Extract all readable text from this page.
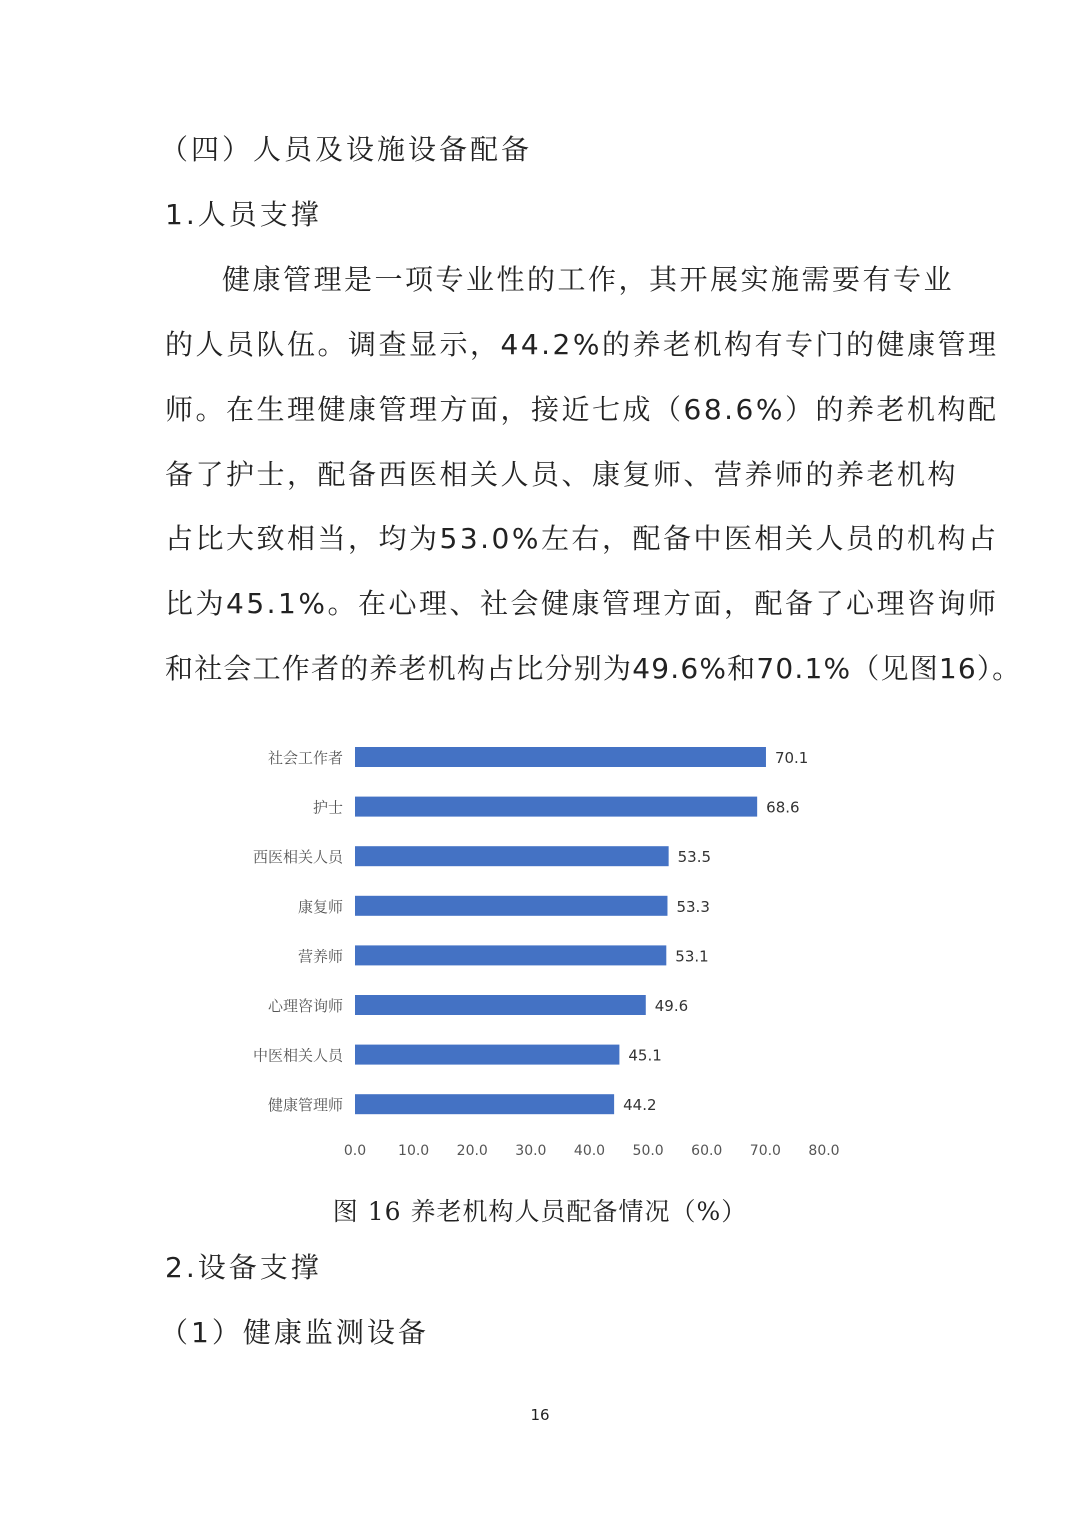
（四）人员及设施设备配备
1.人员支撑
健康管理是一项专业性的工作，其开展实施需要有专业
的人员队伍。调查显示，44.2%的养老机构有专门的健康管理
师。在生理健康管理方面，接近七成（68.6%）的养老机构配
备了护士，配备西医相关人员、康复师、营养师的养老机构
占比大致相当，均为53.0%左右，配备中医相关人员的机构占
比为45.1%。在心理、社会健康管理方面，配备了心理咨询师
和社会工作者的养老机构占比分别为49.6%和70.1%（见图16）。
社会工作者	70.1
护士	68.6
西医相关人员	53.5
康复师	53.3
营养师	53.1
心理咨询师	49.6
中医相关人员	45.1
健康管理师	44.2
0.0 10.0 20.0 30.0 40.0 50.0 60.0 70.0 80.0
图 16 养老机构人员配备情况（%）
2.设备支撑
（1）健康监测设备
16
